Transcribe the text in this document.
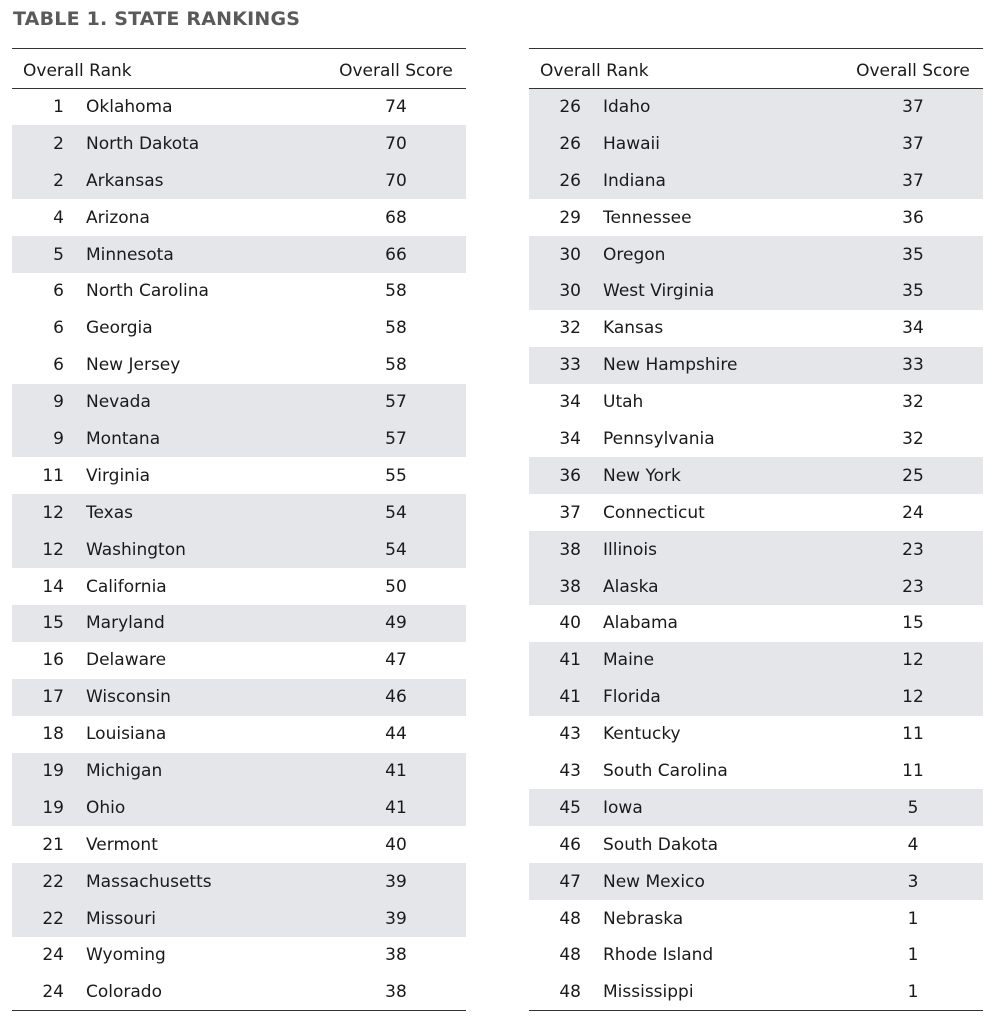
TABLE 1. STATE RANKINGS
Overall Rank		Overall Score
1	Oklahoma	74
2	North Dakota	70
2	Arkansas	70
4	Arizona	68
5	Minnesota	66
6	North Carolina	58
6	Georgia	58
6	New Jersey	58
9	Nevada	57
9	Montana	57
11	Virginia	55
12	Texas	54
12	Washington	54
14	California	50
15	Maryland	49
16	Delaware	47
17	Wisconsin	46
18	Louisiana	44
19	Michigan	41
19	Ohio	41
21	Vermont	40
22	Massachusetts	39
22	Missouri	39
24	Wyoming	38
24	Colorado	38
Overall Rank		Overall Score
26	Idaho	37
26	Hawaii	37
26	Indiana	37
29	Tennessee	36
30	Oregon	35
30	West Virginia	35
32	Kansas	34
33	New Hampshire	33
34	Utah	32
34	Pennsylvania	32
36	New York	25
37	Connecticut	24
38	Illinois	23
38	Alaska	23
40	Alabama	15
41	Maine	12
41	Florida	12
43	Kentucky	11
43	South Carolina	11
45	Iowa	5
46	South Dakota	4
47	New Mexico	3
48	Nebraska	1
48	Rhode Island	1
48	Mississippi	1
